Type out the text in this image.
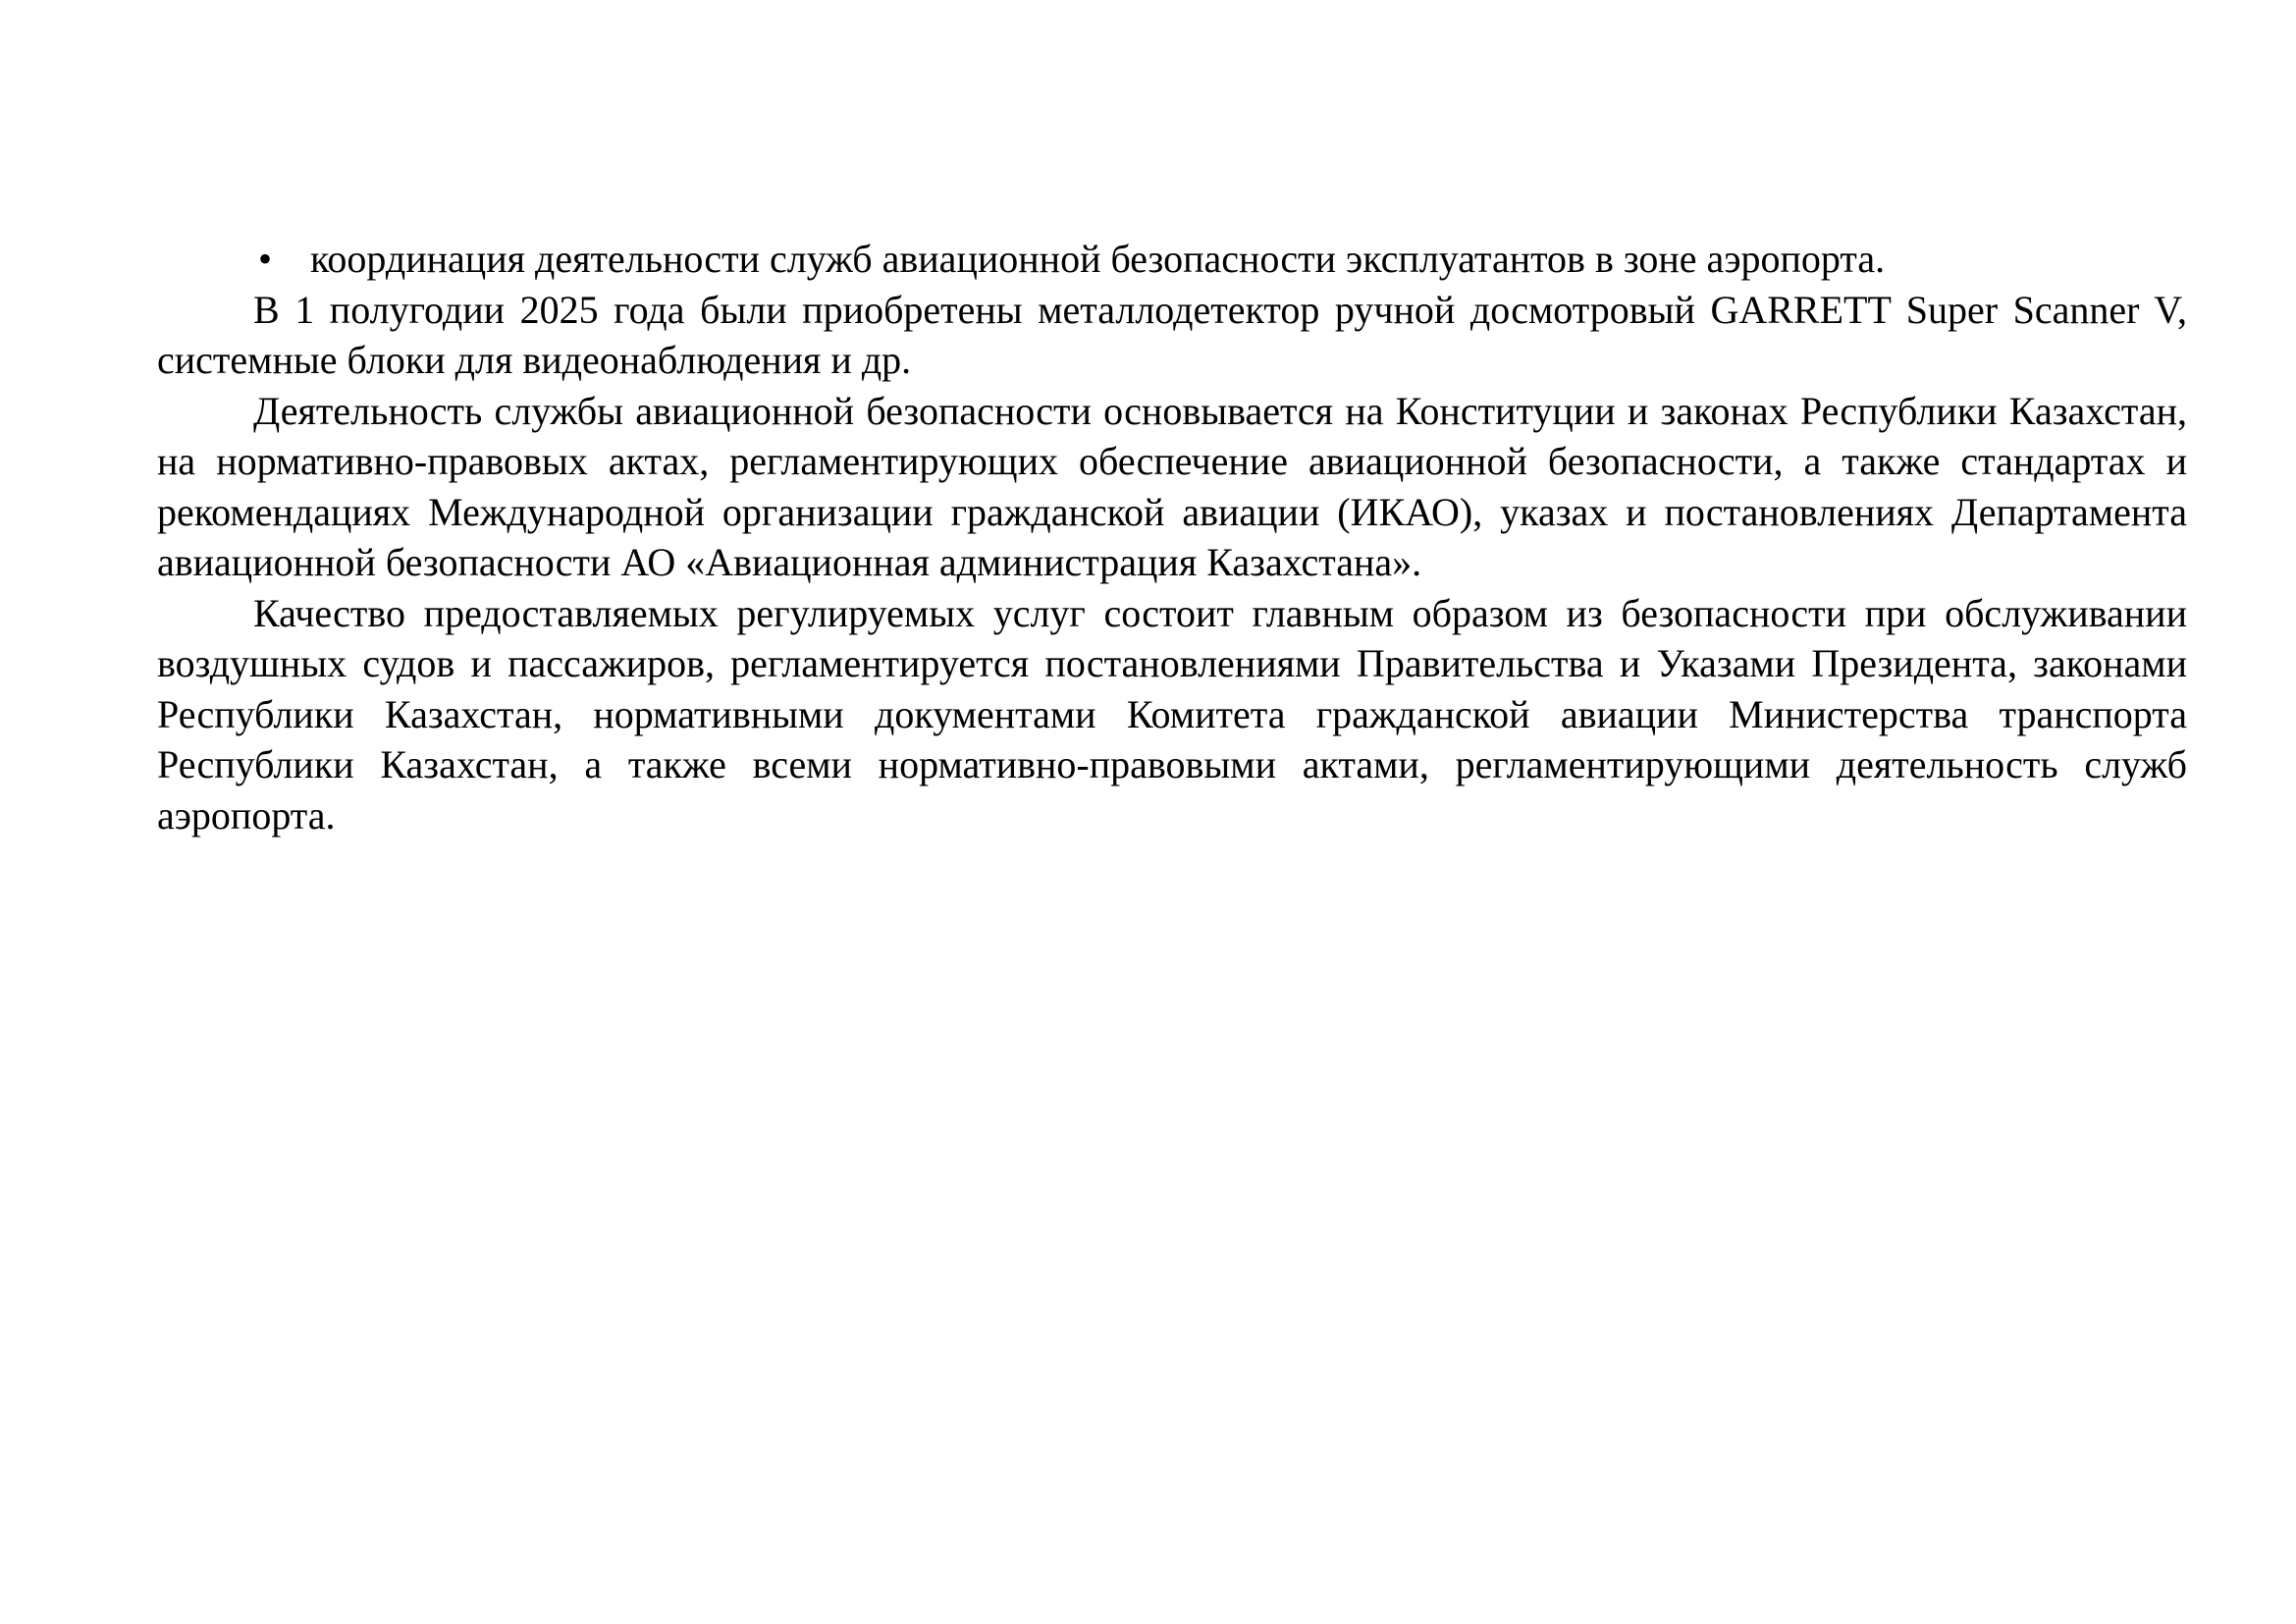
• координация деятельности служб авиационной безопасности эксплуатантов в зоне аэропорта.

В 1 полугодии 2025 года были приобретены металлодетектор ручной досмотровый GARRETT Super Scanner V, системные блоки для видеонаблюдения и др.

Деятельность службы авиационной безопасности основывается на Конституции и законах Республики Казахстан, на нормативно-правовых актах, регламентирующих обеспечение авиационной безопасности, а также стандартах и рекомендациях Международной организации гражданской авиации (ИКАО), указах и постановлениях Департамента авиационной безопасности АО «Авиационная администрация Казахстана».

Качество предоставляемых регулируемых услуг состоит главным образом из безопасности при обслуживании воздушных судов и пассажиров, регламентируется постановлениями Правительства и Указами Президента, законами Республики Казахстан, нормативными документами Комитета гражданской авиации Министерства транспорта Республики Казахстан, а также всеми нормативно-правовыми актами, регламентирующими деятельность служб аэропорта.
